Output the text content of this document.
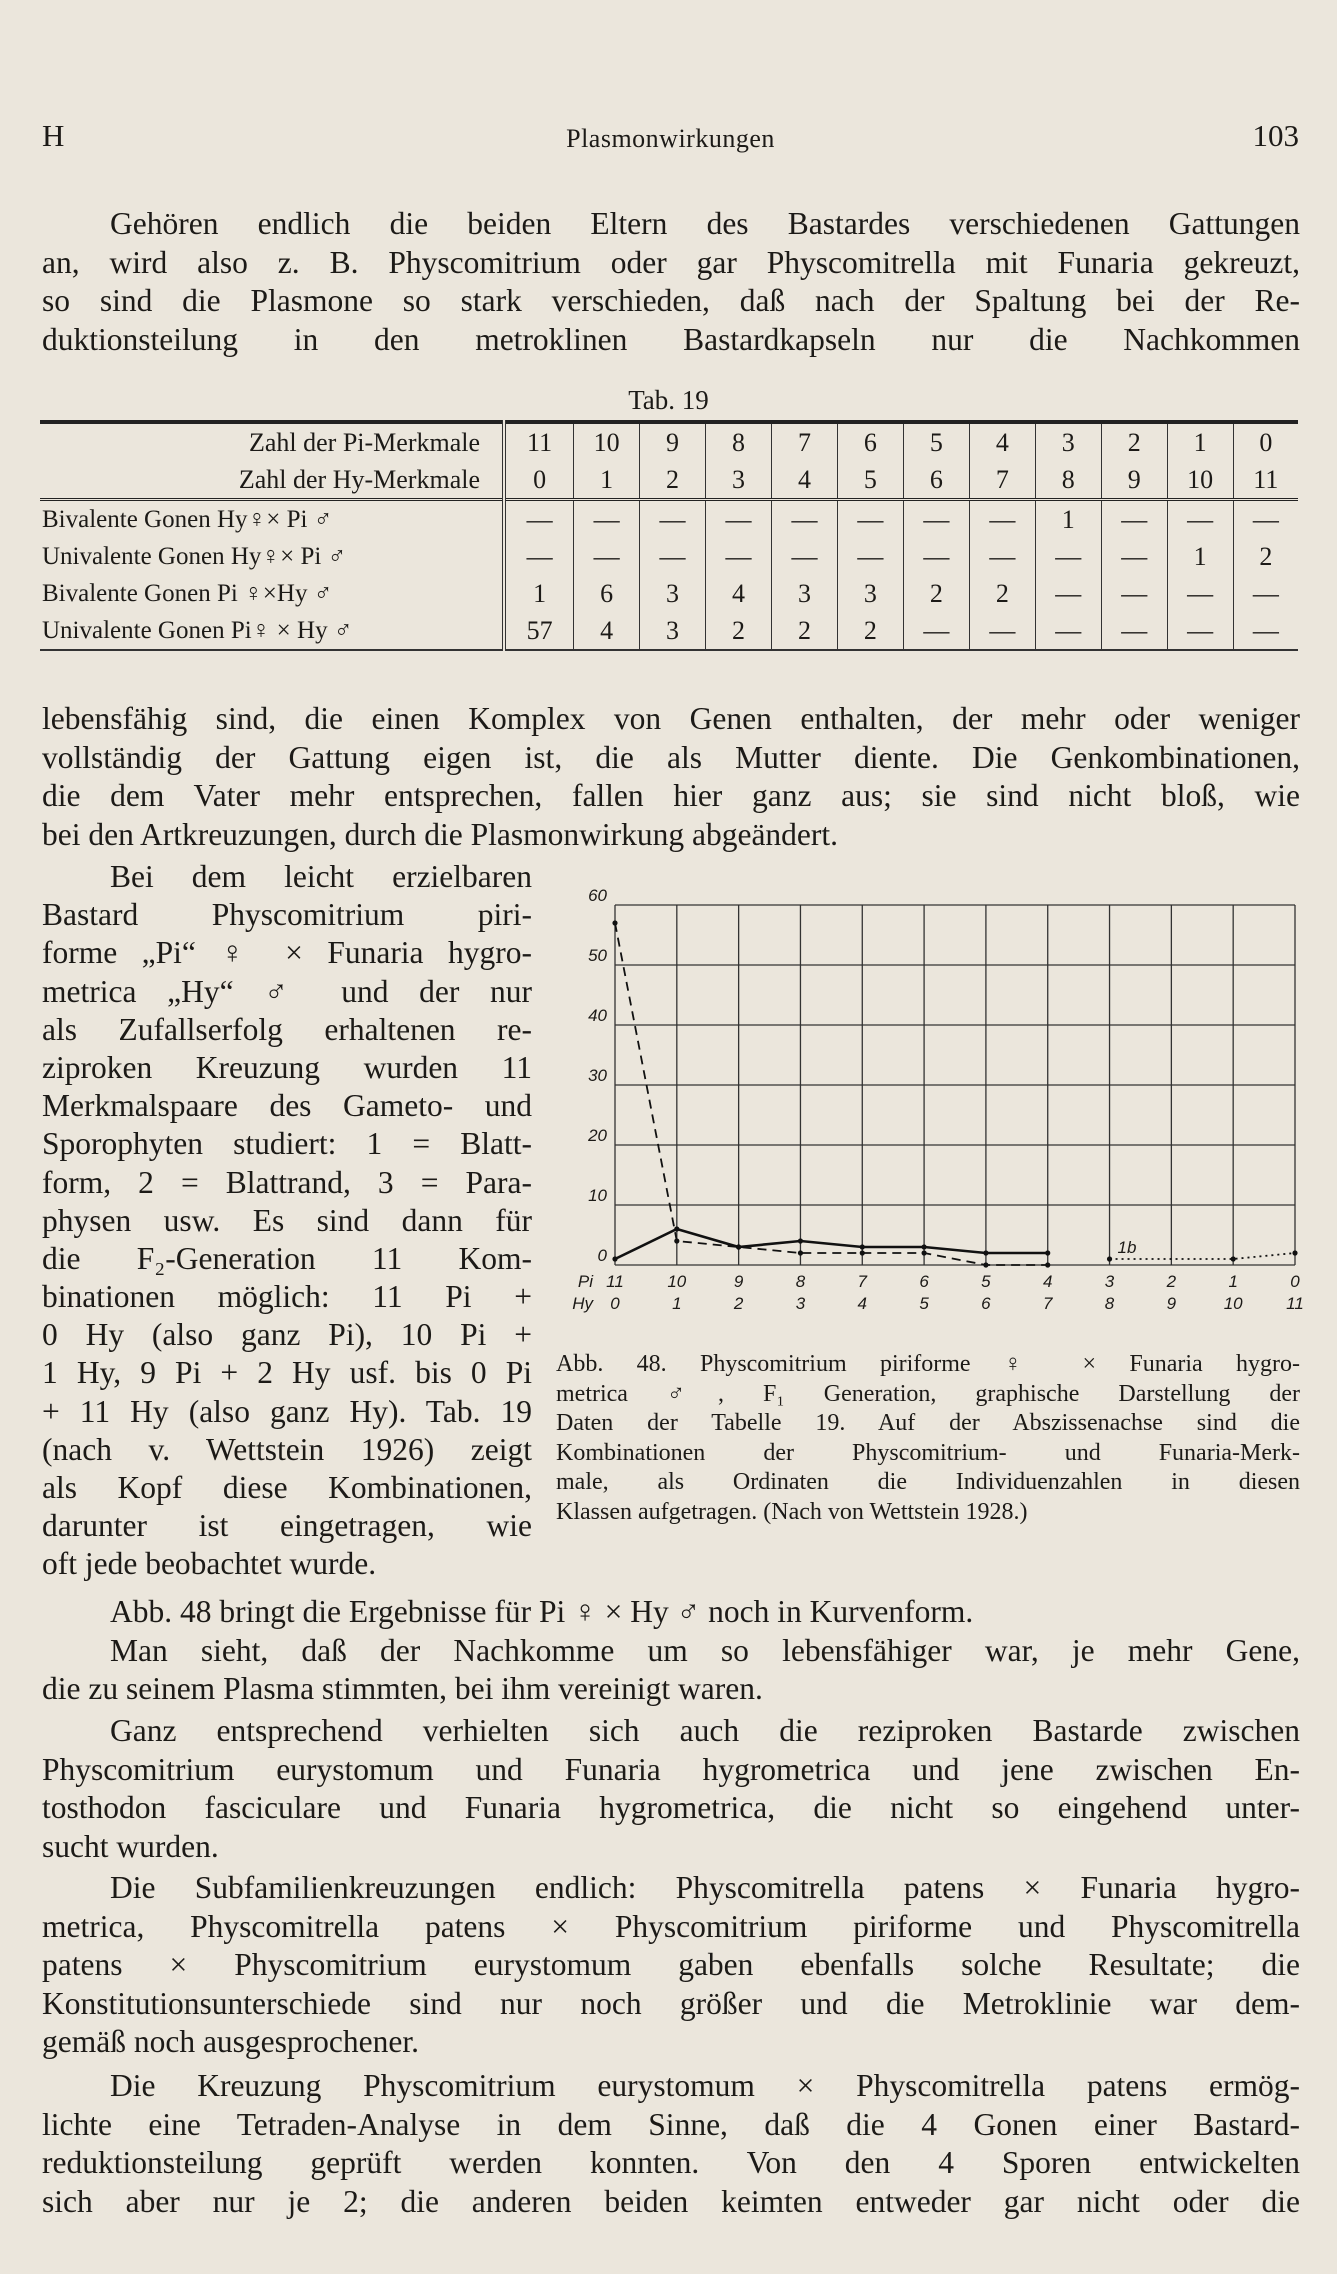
H	Plasmonwirkungen	103
Gehören endlich die beiden Eltern des Bastardes verschiedenen Gattungen
an, wird also z. B. Physcomitrium oder gar Physcomitrella mit Funaria gekreuzt,
so sind die Plasmone so stark verschieden, daß nach der Spaltung bei der Re-
duktionsteilung in den metroklinen Bastardkapseln nur die Nachkommen
Tab. 19
Zahl der Pi-Merkmale	11	10	9	8	7	6	5	4	3	2	1	0
Zahl der Hy-Merkmale	0	1	2	3	4	5	6	7	8	9	10	11
Bivalente Gonen Hy♀× Pi ♂	—	—	—	—	—	—	—	—	1	—	—	—
Univalente Gonen Hy♀× Pi ♂	—	—	—	—	—	—	—	—	—	—	1	2
Bivalente Gonen Pi ♀×Hy ♂	1	6	3	4	3	3	2	2	—	—	—	—
Univalente Gonen Pi♀ × Hy ♂	57	4	3	2	2	2	—	—	—	—	—	—
lebensfähig sind, die einen Komplex von Genen enthalten, der mehr oder weniger
vollständig der Gattung eigen ist, die als Mutter diente. Die Genkombinationen,
die dem Vater mehr entsprechen, fallen hier ganz aus; sie sind nicht bloß, wie
bei den Artkreuzungen, durch die Plasmonwirkung abgeändert.
Bei dem leicht erzielbaren
Bastard Physcomitrium piri-
forme „Pi“ ♀ × Funaria hygro-
metrica „Hy“ ♂ und der nur
als Zufallserfolg erhaltenen re-
ziproken Kreuzung wurden 11
Merkmalspaare des Gameto- und
Sporophyten studiert: 1 = Blatt-
form, 2 = Blattrand, 3 = Para-
physen usw. Es sind dann für
die F₂-Generation 11 Kom-
binationen möglich: 11 Pi +
0 Hy (also ganz Pi), 10 Pi +
1 Hy, 9 Pi + 2 Hy usf. bis 0 Pi
+ 11 Hy (also ganz Hy). Tab. 19
(nach v. Wettstein 1926) zeigt
als Kopf diese Kombinationen,
darunter ist eingetragen, wie
oft jede beobachtet wurde.
0
10
20
30
40
50
60
11	10	9	8	7	6	5	4	3	2	1	0
0	1	2	3	4	5	6	7	8	9	10	11
Pi
Hy
1b
Abb. 48. Physcomitrium piriforme ♀ × Funaria hygro-
metrica ♂, F₁ Generation, graphische Darstellung der
Daten der Tabelle 19. Auf der Abszissenachse sind die
Kombinationen der Physcomitrium- und Funaria-Merk-
male, als Ordinaten die Individuenzahlen in diesen
Klassen aufgetragen. (Nach von Wettstein 1928.)
Abb. 48 bringt die Ergebnisse für Pi ♀ × Hy ♂ noch in Kurvenform.
Man sieht, daß der Nachkomme um so lebensfähiger war, je mehr Gene,
die zu seinem Plasma stimmten, bei ihm vereinigt waren.
Ganz entsprechend verhielten sich auch die reziproken Bastarde zwischen
Physcomitrium eurystomum und Funaria hygrometrica und jene zwischen En-
tosthodon fasciculare und Funaria hygrometrica, die nicht so eingehend unter-
sucht wurden.
Die Subfamilienkreuzungen endlich: Physcomitrella patens × Funaria hygro-
metrica, Physcomitrella patens × Physcomitrium piriforme und Physcomitrella
patens × Physcomitrium eurystomum gaben ebenfalls solche Resultate; die
Konstitutionsunterschiede sind nur noch größer und die Metroklinie war dem-
gemäß noch ausgesprochener.
Die Kreuzung Physcomitrium eurystomum × Physcomitrella patens ermög-
lichte eine Tetraden-Analyse in dem Sinne, daß die 4 Gonen einer Bastard-
reduktionsteilung geprüft werden konnten. Von den 4 Sporen entwickelten
sich aber nur je 2; die anderen beiden keimten entweder gar nicht oder die
